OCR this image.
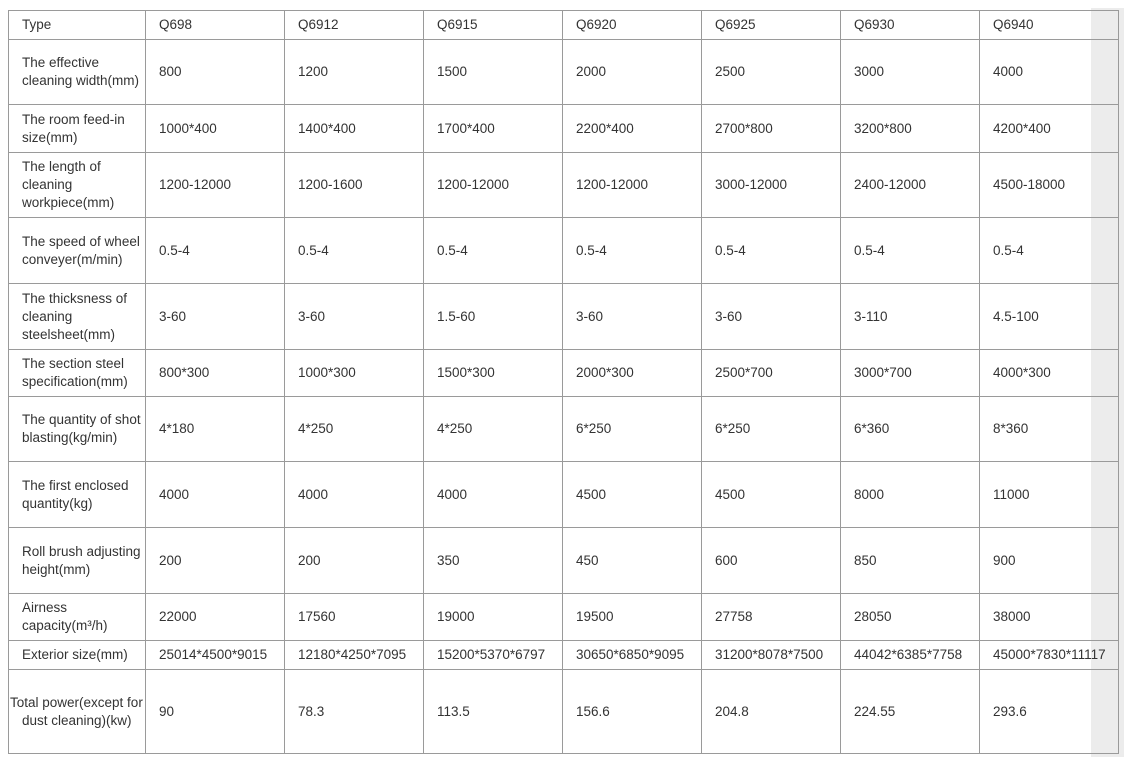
Type	Q698	Q6912	Q6915	Q6920	Q6925	Q6930	Q6940
The effective cleaning width(mm)	800	1200	1500	2000	2500	3000	4000
The room feed-in size(mm)	1000*400	1400*400	1700*400	2200*400	2700*800	3200*800	4200*400
The length of cleaning workpiece(mm)	1200-12000	1200-1600	1200-12000	1200-12000	3000-12000	2400-12000	4500-18000
The speed of wheel conveyer(m/min)	0.5-4	0.5-4	0.5-4	0.5-4	0.5-4	0.5-4	0.5-4
The thicksness of cleaning steelsheet(mm)	3-60	3-60	1.5-60	3-60	3-60	3-110	4.5-100
The section steel specification(mm)	800*300	1000*300	1500*300	2000*300	2500*700	3000*700	4000*300
The quantity of shot blasting(kg/min)	4*180	4*250	4*250	6*250	6*250	6*360	8*360
The first enclosed quantity(kg)	4000	4000	4000	4500	4500	8000	11000
Roll brush adjusting height(mm)	200	200	350	450	600	850	900
Airness capacity(m³/h)	22000	17560	19000	19500	27758	28050	38000
Exterior size(mm)	25014*4500*9015	12180*4250*7095	15200*5370*6797	30650*6850*9095	31200*8078*7500	44042*6385*7758	45000*7830*11117

Total power(except for dust cleaning)(kw)	90	78.3	113.5	156.6	204.8	224.55	293.6
